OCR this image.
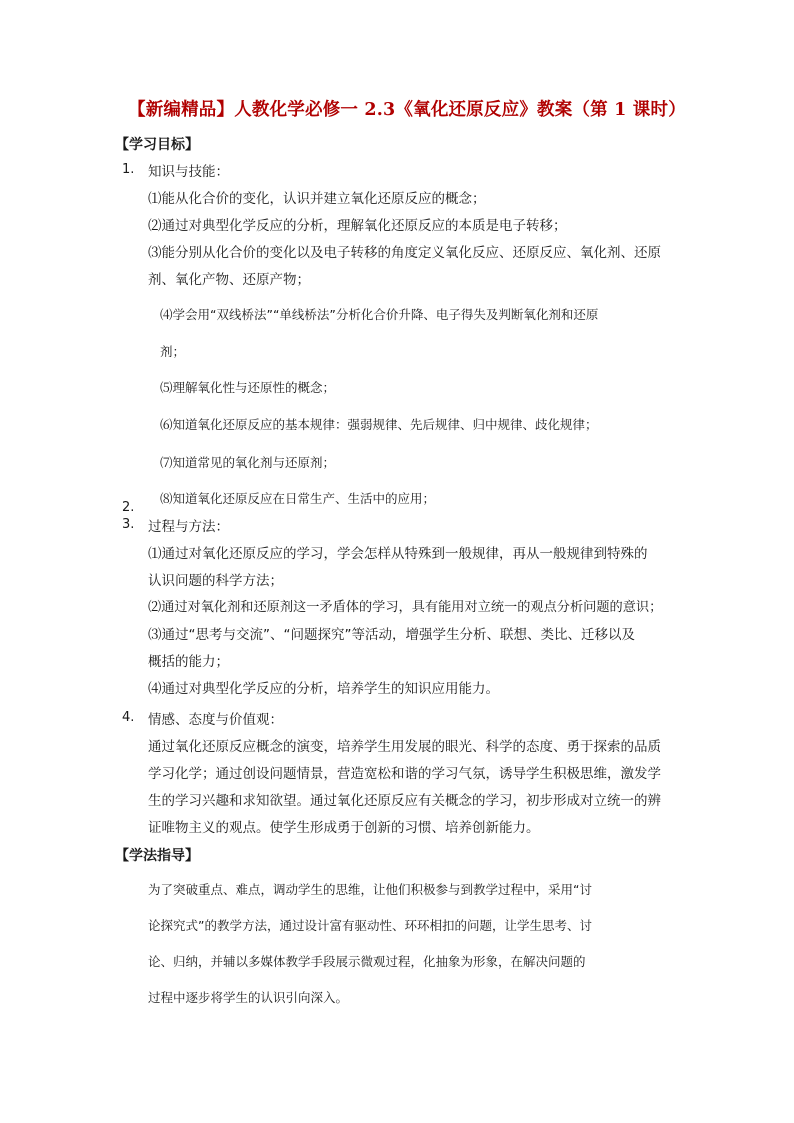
【新编精品】人教化学必修一 2.3《氧化还原反应》教案（第 1 课时）
【学习目标】
1. 知识与技能：
⑴能从化合价的变化，认识并建立氧化还原反应的概念；
⑵通过对典型化学反应的分析，理解氧化还原反应的本质是电子转移；
⑶能分别从化合价的变化以及电子转移的角度定义氧化反应、还原反应、氧化剂、还原
剂、氧化产物、还原产物；
⑷学会用“双线桥法”“单线桥法”分析化合价升降、电子得失及判断氧化剂和还原
剂；
⑸理解氧化性与还原性的概念；
⑹知道氧化还原反应的基本规律：强弱规律、先后规律、归中规律、歧化规律；
⑺知道常见的氧化剂与还原剂；
⑻知道氧化还原反应在日常生产、生活中的应用；
2.
3. 过程与方法：
⑴通过对氧化还原反应的学习，学会怎样从特殊到一般规律，再从一般规律到特殊的
认识问题的科学方法；
⑵通过对氧化剂和还原剂这一矛盾体的学习，具有能用对立统一的观点分析问题的意识；
⑶通过“思考与交流”、“问题探究”等活动，增强学生分析、联想、类比、迁移以及
概括的能力；
⑷通过对典型化学反应的分析，培养学生的知识应用能力。
4. 情感、态度与价值观：
通过氧化还原反应概念的演变，培养学生用发展的眼光、科学的态度、勇于探索的品质
学习化学；通过创设问题情景，营造宽松和谐的学习气氛，诱导学生积极思维，激发学
生的学习兴趣和求知欲望。通过氧化还原反应有关概念的学习，初步形成对立统一的辨
证唯物主义的观点。使学生形成勇于创新的习惯、培养创新能力。
【学法指导】
为了突破重点、难点，调动学生的思维，让他们积极参与到教学过程中，采用“讨
论探究式”的教学方法，通过设计富有驱动性、环环相扣的问题，让学生思考、讨
论、归纳，并辅以多媒体教学手段展示微观过程，化抽象为形象，在解决问题的
过程中逐步将学生的认识引向深入。
